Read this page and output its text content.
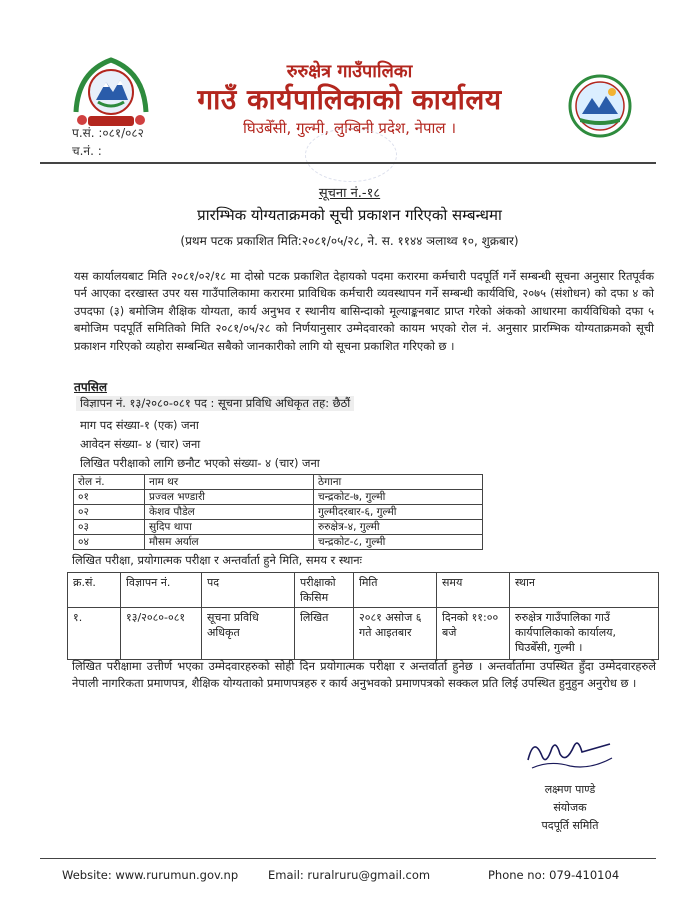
रुरुक्षेत्र गाउँपालिका
गाउँ कार्यपालिकाको कार्यालय
घिउबेँसी, गुल्मी, लुम्बिनी प्रदेश, नेपाल ।
प.सं. :०८१/०८२
च.नं. :
सूचना नं.-१८
प्रारम्भिक योग्यताक्रमको सूची प्रकाशन गरिएको सम्बन्धमा
(प्रथम पटक प्रकाशित मिति:२०८१/०५/२८, ने. स. ११४४ ञलाथ्व १०, शुक्रबार)
यस कार्यालयबाट मिति २०८१/०२/१८ मा दोस्रो पटक प्रकाशित देहायको पदमा करारमा कर्मचारी पदपूर्ति गर्ने सम्बन्धी सूचना अनुसार रितपूर्वक पर्न आएका दरखास्त उपर यस गाउँपालिकामा करारमा प्राविधिक कर्मचारी व्यवस्थापन गर्ने सम्बन्धी कार्यविधि, २०७५ (संशोधन) को दफा ४ को उपदफा (३) बमोजिम शैक्षिक योग्यता, कार्य अनुभव र स्थानीय बासिन्दाको मूल्याङ्कनबाट प्राप्त गरेको अंकको आधारमा कार्यविधिको दफा ५ बमोजिम पदपूर्ति समितिको मिति २०८१/०५/२८ को निर्णयानुसार उम्मेदवारको कायम भएको रोल नं. अनुसार प्रारम्भिक योग्यताक्रमको सूची प्रकाशन गरिएको व्यहोरा सम्बन्धित सबैको जानकारीको लागि यो सूचना प्रकाशित गरिएको छ ।
तपसिल
विज्ञापन नं. १३/२०८०-०८१ पद : सूचना प्रविधि अधिकृत तह: छैठौं
माग पद संख्या-१ (एक) जना
आवेदन संख्या- ४ (चार) जना
लिखित परीक्षाको लागि छनौट भएको संख्या- ४ (चार) जना
रोल नं.	नाम थर	ठेगाना
०१	प्रज्वल भण्डारी	चन्द्रकोट-७, गुल्मी
०२	केशव पौडेल	गुल्मीदरबार-६, गुल्मी
०३	सुदिप थापा	रुरुक्षेत्र-४, गुल्मी
०४	मौसम अर्याल	चन्द्रकोट-८, गुल्मी
लिखित परीक्षा, प्रयोगात्मक परीक्षा र अन्तर्वार्ता हुने मिति, समय र स्थानः
क्र.सं.	विज्ञापन नं.	पद	परीक्षाको किसिम	मिति	समय	स्थान
१.	१३/२०८०-०८१	सूचना प्रविधि अधिकृत	लिखित	२०८१ असोज ६ गते आइतबार	दिनको ११:०० बजे	रुरुक्षेत्र गाउँपालिका गाउँ कार्यपालिकाको कार्यालय, घिउबेँसी, गुल्मी ।
लिखित परीक्षामा उत्तीर्ण भएका उम्मेदवारहरुको सोही दिन प्रयोगात्मक परीक्षा र अन्तर्वार्ता हुनेछ । अन्तर्वार्तामा उपस्थित हुँदा उम्मेदवारहरुले नेपाली नागरिकता प्रमाणपत्र, शैक्षिक योग्यताको प्रमाणपत्रहरु र कार्य अनुभवको प्रमाणपत्रको सक्कल प्रति लिई उपस्थित हुनुहुन अनुरोध छ ।
लक्ष्मण पाण्डे
संयोजक
पदपूर्ति समिति
Website: www.rurumun.gov.np	Email: ruralruru@gmail.com	Phone no: 079-410104
